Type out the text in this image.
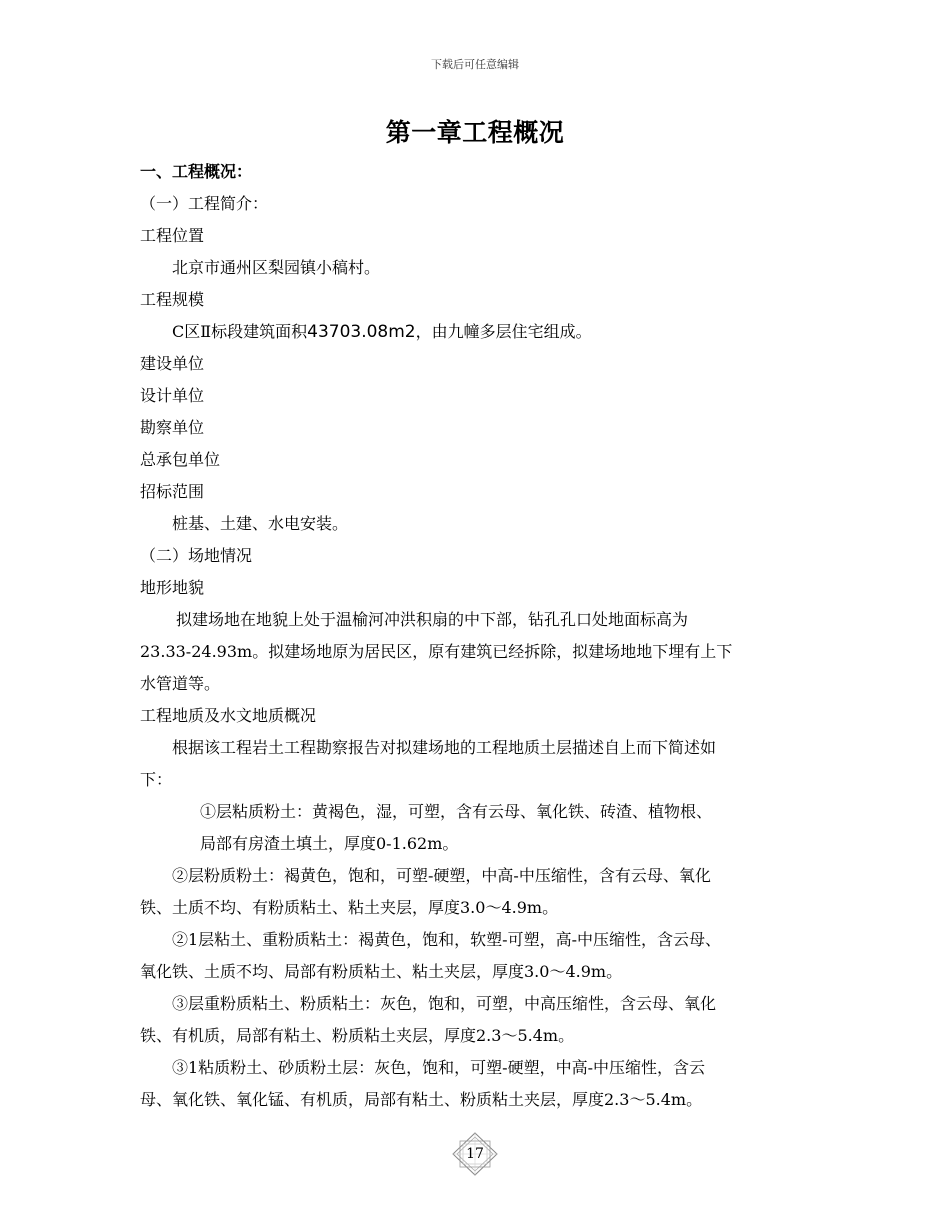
下载后可任意编辑
第一章工程概况
一、工程概况：
（一）工程简介：
工程位置
北京市通州区梨园镇小稿村。
工程规模
C区Ⅱ标段建筑面积43703.08m2，由九幢多层住宅组成。
建设单位
设计单位
勘察单位
总承包单位
招标范围
桩基、土建、水电安装。
（二）场地情况
地形地貌
拟建场地在地貌上处于温榆河冲洪积扇的中下部，钻孔孔口处地面标高为
23.33-24.93m。拟建场地原为居民区，原有建筑已经拆除，拟建场地地下埋有上下
水管道等。
工程地质及水文地质概况
根据该工程岩土工程勘察报告对拟建场地的工程地质土层描述自上而下简述如
下：
①层粘质粉土：黄褐色，湿，可塑，含有云母、氧化铁、砖渣、植物根、
局部有房渣土填土，厚度0-1.62m。
②层粉质粉土：褐黄色，饱和，可塑-硬塑，中高-中压缩性，含有云母、氧化
铁、土质不均、有粉质粘土、粘土夹层，厚度3.0～4.9m。
②1层粘土、重粉质粘土：褐黄色，饱和，软塑-可塑，高-中压缩性，含云母、
氧化铁、土质不均、局部有粉质粘土、粘土夹层，厚度3.0～4.9m。
③层重粉质粘土、粉质粘土：灰色，饱和，可塑，中高压缩性，含云母、氧化
铁、有机质，局部有粘土、粉质粘土夹层，厚度2.3～5.4m。
③1粘质粉土、砂质粉土层：灰色，饱和，可塑-硬塑，中高-中压缩性，含云
母、氧化铁、氧化锰、有机质，局部有粘土、粉质粘土夹层，厚度2.3～5.4m。
17
